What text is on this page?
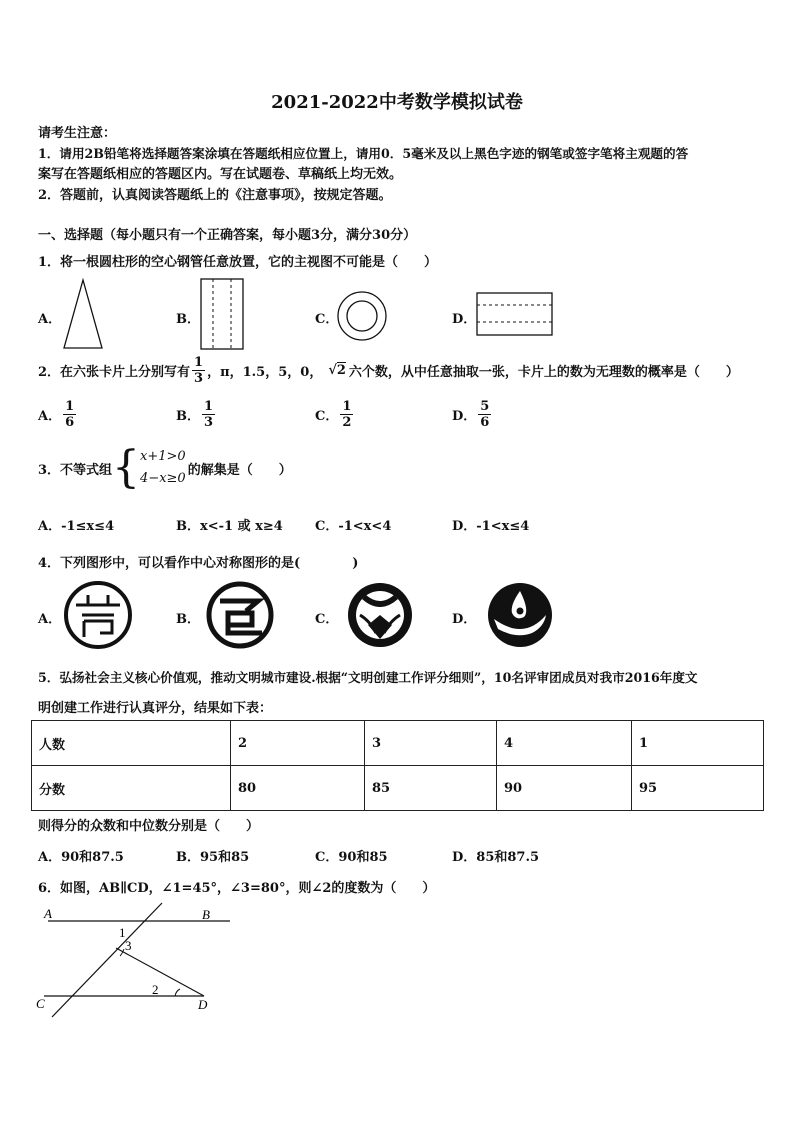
2021-2022中考数学模拟试卷
请考生注意：
1．请用2B铅笔将选择题答案涂填在答题纸相应位置上，请用0．5毫米及以上黑色字迹的钢笔或签字笔将主观题的答
案写在答题纸相应的答题区内。写在试题卷、草稿纸上均无效。
2．答题前，认真阅读答题纸上的《注意事项》，按规定答题。
一、选择题（每小题只有一个正确答案，每小题3分，满分30分）
1．将一根圆柱形的空心钢管任意放置，它的主视图不可能是（　　）
A．	B．	C．	D．
2．在六张卡片上分别写有 $\frac{1}{3}$ ，π，1.5，5，0， √2 六个数，从中任意抽取一张，卡片上的数为无理数的概率是（　　）
A． $\frac{1}{6}$	B． $\frac{1}{3}$	C． $\frac{1}{2}$	D． $\frac{5}{6}$
3．不等式组 { x+1>0
4−x≥0
的解集是（　　）
A．-1≤x≤4	B．x<-1 或 x≥4 C．-1<x<4	D．-1<x≤4
4．下列图形中，可以看作中心对称图形的是(　　　　)
A．	B．	C．	D．
5．弘扬社会主义核心价值观，推动文明城市建设.根据“文明创建工作评分细则”，10名评审团成员对我市2016年度文
明创建工作进行认真评分，结果如下表：
人数	2	3	4	1
分数	80	85	90	95
则得分的众数和中位数分别是（　　）
A．90和87.5	B．95和85	C．90和85	D．85和87.5
6．如图，AB∥CD，∠1=45°，∠3=80°，则∠2的度数为（　　）
A	B
C	D
1
3
2
